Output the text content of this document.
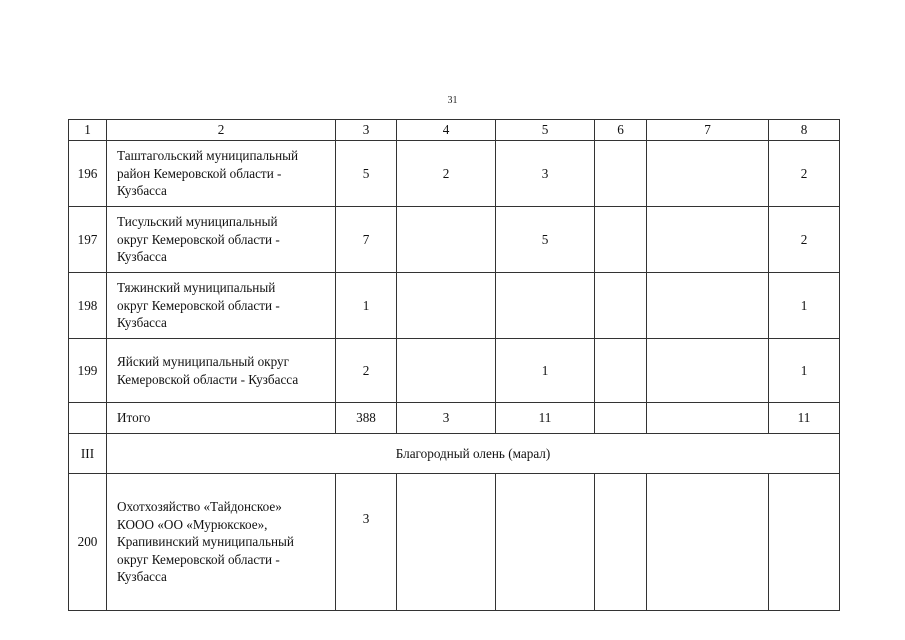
31
1	2	3	4	5	6	7	8
196	Таштагольский муниципальный
район Кемеровской области -
Кузбасса	5	2	3			2
197	Тисульский муниципальный
округ Кемеровской области -
Кузбасса	7		5			2
198	Тяжинский муниципальный
округ Кемеровской области -
Кузбасса	1					1
199	Яйский муниципальный округ
Кемеровской области - Кузбасса	2		1			1
	Итого	388	3	11			11
III	Благородный олень (марал)						
200	Охотхозяйство «Тайдонское»
КООО «ОО «Мурюкское»,
Крапивинский муниципальный
округ Кемеровской области -
Кузбасса	3					
